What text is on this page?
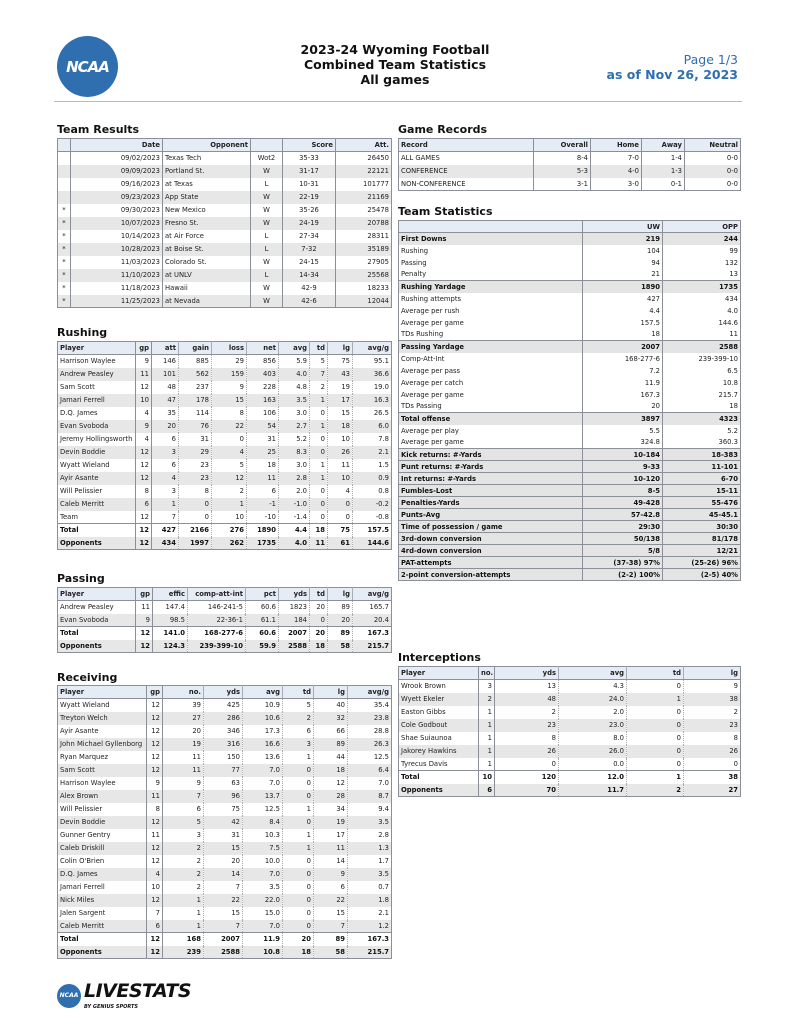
NCAA
2023-24 Wyoming Football
Combined Team Statistics
All games
Page 1/3
as of Nov 26, 2023
Team Results
	Date	Opponent		Score	Att.
	09/02/2023	Texas Tech	Wot2	35-33	26450
	09/09/2023	Portland St.	W	31-17	22121
	09/16/2023	at Texas	L	10-31	101777
	09/23/2023	App State	W	22-19	21169
*	09/30/2023	New Mexico	W	35-26	25478
*	10/07/2023	Fresno St.	W	24-19	20788
*	10/14/2023	at Air Force	L	27-34	28311
*	10/28/2023	at Boise St.	L	7-32	35189
*	11/03/2023	Colorado St.	W	24-15	27905
*	11/10/2023	at UNLV	L	14-34	25568
*	11/18/2023	Hawaii	W	42-9	18233
*	11/25/2023	at Nevada	W	42-6	12044
Rushing
Player	gp	att	gain	loss	net	avg	td	lg	avg/g
Harrison Waylee	9	146	885	29	856	5.9	5	75	95.1
Andrew Peasley	11	101	562	159	403	4.0	7	43	36.6
Sam Scott	12	48	237	9	228	4.8	2	19	19.0
Jamari Ferrell	10	47	178	15	163	3.5	1	17	16.3
D.Q. James	4	35	114	8	106	3.0	0	15	26.5
Evan Svoboda	9	20	76	22	54	2.7	1	18	6.0
Jeremy Hollingsworth	4	6	31	0	31	5.2	0	10	7.8
Devin Boddie	12	3	29	4	25	8.3	0	26	2.1
Wyatt Wieland	12	6	23	5	18	3.0	1	11	1.5
Ayir Asante	12	4	23	12	11	2.8	1	10	0.9
Will Pelissier	8	3	8	2	6	2.0	0	4	0.8
Caleb Merritt	6	1	0	1	-1	-1.0	0	0	-0.2
Team	12	7	0	10	-10	-1.4	0	0	-0.8
Total	12	427	2166	276	1890	4.4	18	75	157.5
Opponents	12	434	1997	262	1735	4.0	11	61	144.6
Passing
Player	gp	effic	comp-att-int	pct	yds	td	lg	avg/g
Andrew Peasley	11	147.4	146-241-5	60.6	1823	20	89	165.7
Evan Svoboda	9	98.5	22-36-1	61.1	184	0	20	20.4
Total	12	141.0	168-277-6	60.6	2007	20	89	167.3
Opponents	12	124.3	239-399-10	59.9	2588	18	58	215.7
Receiving
Player	gp	no.	yds	avg	td	lg	avg/g
Wyatt Wieland	12	39	425	10.9	5	40	35.4
Treyton Welch	12	27	286	10.6	2	32	23.8
Ayir Asante	12	20	346	17.3	6	66	28.8
John Michael Gyllenborg	12	19	316	16.6	3	89	26.3
Ryan Marquez	12	11	150	13.6	1	44	12.5
Sam Scott	12	11	77	7.0	0	18	6.4
Harrison Waylee	9	9	63	7.0	0	12	7.0
Alex Brown	11	7	96	13.7	0	28	8.7
Will Pelissier	8	6	75	12.5	1	34	9.4
Devin Boddie	12	5	42	8.4	0	19	3.5
Gunner Gentry	11	3	31	10.3	1	17	2.8
Caleb Driskill	12	2	15	7.5	1	11	1.3
Colin O'Brien	12	2	20	10.0	0	14	1.7
D.Q. James	4	2	14	7.0	0	9	3.5
Jamari Ferrell	10	2	7	3.5	0	6	0.7
Nick Miles	12	1	22	22.0	0	22	1.8
Jalen Sargent	7	1	15	15.0	0	15	2.1
Caleb Merritt	6	1	7	7.0	0	7	1.2
Total	12	168	2007	11.9	20	89	167.3
Opponents	12	239	2588	10.8	18	58	215.7
Game Records
Record	Overall	Home	Away	Neutral
ALL GAMES	8-4	7-0	1-4	0-0
CONFERENCE	5-3	4-0	1-3	0-0
NON-CONFERENCE	3-1	3-0	0-1	0-0
Team Statistics
	UW	OPP
First Downs	219	244
Rushing	104	99
Passing	94	132
Penalty	21	13
Rushing Yardage	1890	1735
Rushing attempts	427	434
Average per rush	4.4	4.0
Average per game	157.5	144.6
TDs Rushing	18	11
Passing Yardage	2007	2588
Comp-Att-Int	168-277-6	239-399-10
Average per pass	7.2	6.5
Average per catch	11.9	10.8
Average per game	167.3	215.7
TDs Passing	20	18
Total offense	3897	4323
Average per play	5.5	5.2
Average per game	324.8	360.3
Kick returns: #-Yards	10-184	18-383
Punt returns: #-Yards	9-33	11-101
Int returns: #-Yards	10-120	6-70
Fumbles-Lost	8-5	15-11
Penalties-Yards	49-428	55-476
Punts-Avg	57-42.8	45-45.1
Time of possession / game	29:30	30:30
3rd-down conversion	50/138	81/178
4rd-down conversion	5/8	12/21
PAT-attempts	(37-38) 97%	(25-26) 96%
2-point conversion-attempts	(2-2) 100%	(2-5) 40%
Interceptions
Player	no.	yds	avg	td	lg
Wrook Brown	3	13	4.3	0	9
Wyett Ekeler	2	48	24.0	1	38
Easton Gibbs	1	2	2.0	0	2
Cole Godbout	1	23	23.0	0	23
Shae Suiaunoa	1	8	8.0	0	8
Jakorey Hawkins	1	26	26.0	0	26
Tyrecus Davis	1	0	0.0	0	0
Total	10	120	12.0	1	38
Opponents	6	70	11.7	2	27
NCAA LIVESTATS
BY GENIUS SPORTS
